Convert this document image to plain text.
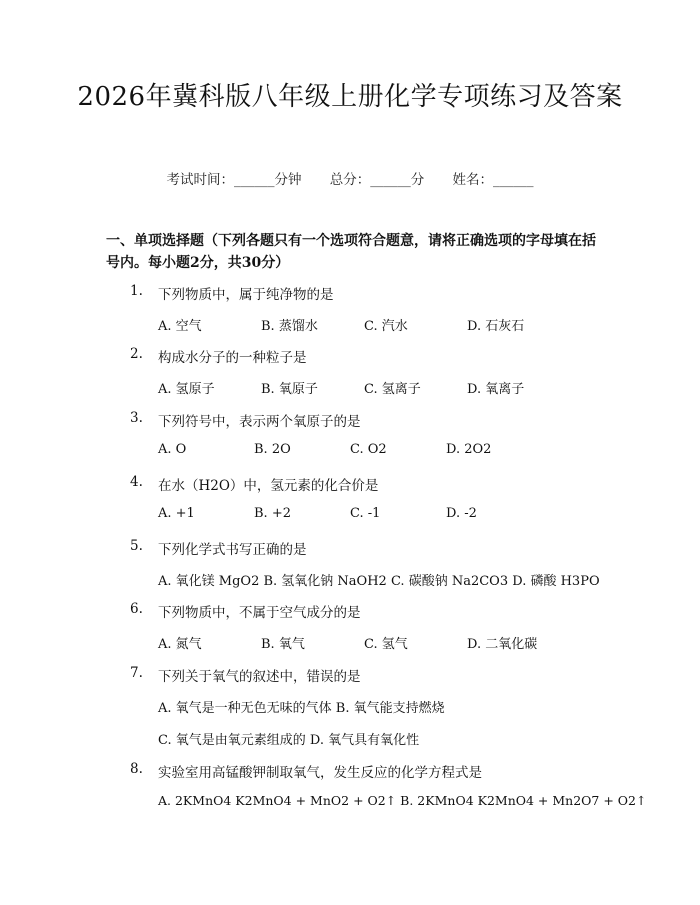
2026年冀科版八年级上册化学专项练习及答案
考试时间：______分钟 总分：______分 姓名：______
一、单项选择题（下列各题只有一个选项符合题意，请将正确选项的字母填在括号内。每小题2分，共30分）
1. 下列物质中，属于纯净物的是
A. 空气	B. 蒸馏水	C. 汽水	D. 石灰石
2. 构成水分子的一种粒子是
A. 氢原子	B. 氧原子	C. 氢离子	D. 氧离子
3. 下列符号中，表示两个氧原子的是
A. O	B. 2O	C. O2	D. 2O2
4. 在水（H2O）中，氢元素的化合价是
A. +1	B. +2	C. -1	D. -2
5. 下列化学式书写正确的是
A. 氧化镁 MgO2 B. 氢氧化钠 NaOH2 C. 碳酸钠 Na2CO3 D. 磷酸 H3PO
6. 下列物质中，不属于空气成分的是
A. 氮气	B. 氧气	C. 氢气	D. 二氧化碳
7. 下列关于氧气的叙述中，错误的是
A. 氧气是一种无色无味的气体 B. 氧气能支持燃烧
C. 氧气是由氧元素组成的 D. 氧气具有氧化性
8. 实验室用高锰酸钾制取氧气，发生反应的化学方程式是
A. 2KMnO4 K2MnO4 + MnO2 + O2↑ B. 2KMnO4 K2MnO4 + Mn2O7 + O2↑
